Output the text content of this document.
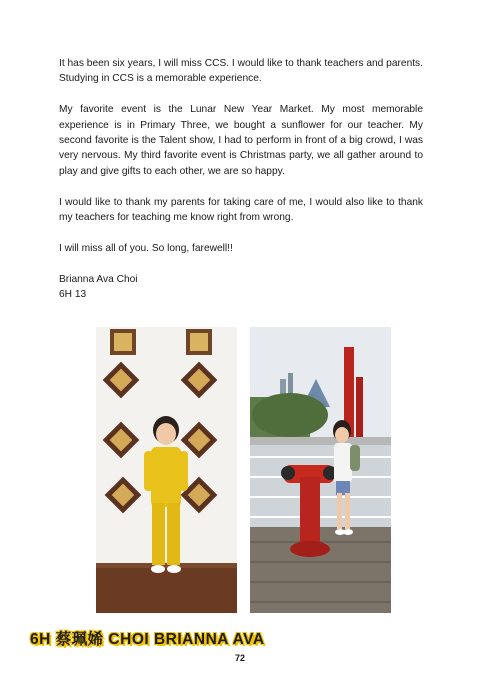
It has been six years, I will miss CCS. I would like to thank teachers and parents. Studying in CCS is a memorable experience.

My favorite event is the Lunar New Year Market. My most memorable experience is in Primary Three, we bought a sunflower for our teacher. My second favorite is the Talent show, I had to perform in front of a big crowd, I was very nervous. My third favorite event is Christmas party, we all gather around to play and give gifts to each other, we are so happy.

I would like to thank my parents for taking care of me, I would also like to thank my teachers for teaching me know right from wrong.

I will miss all of you. So long, farewell!!

Brianna Ava Choi

6H 13

6H 蔡珮㛓 CHOI BRIANNA AVA
72
